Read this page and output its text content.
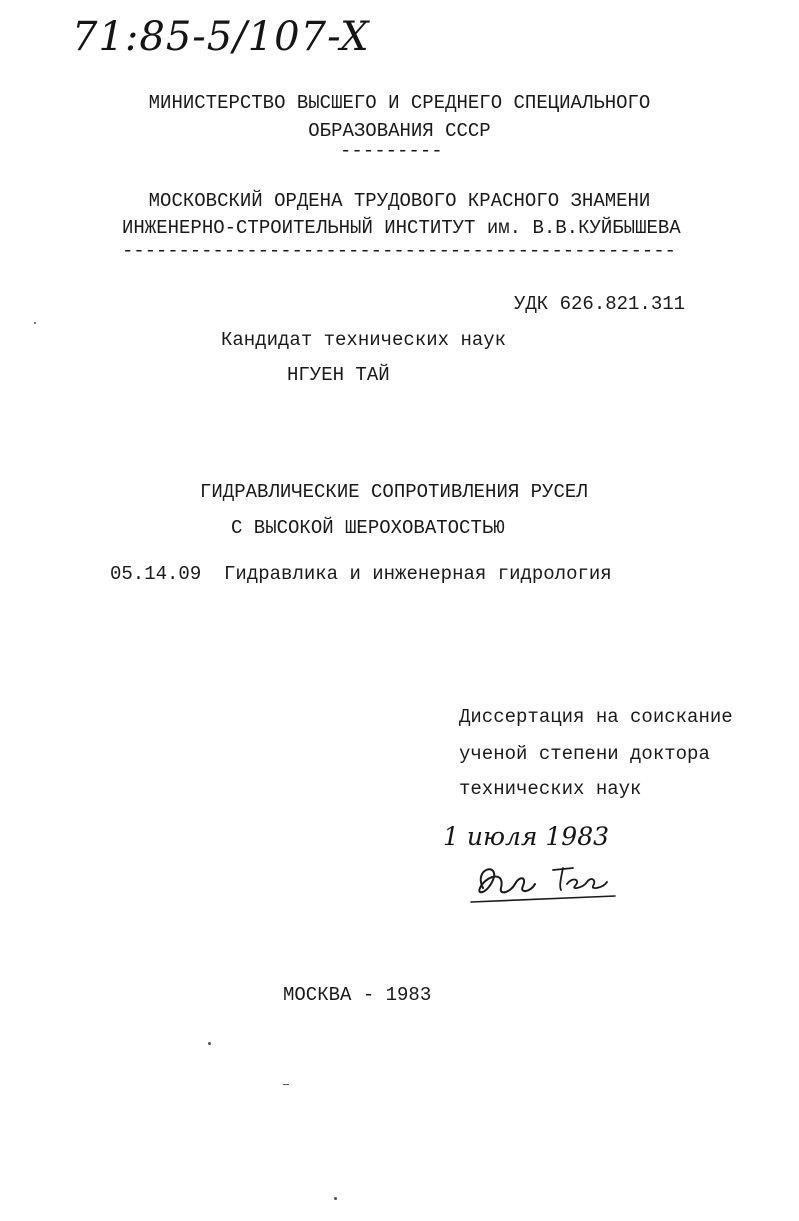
71:85-5/107-X
МИНИСТЕРСТВО ВЫСШЕГО И СРЕДНЕГО СПЕЦИАЛЬНОГО
ОБРАЗОВАНИЯ СССР
---------
МОСКОВСКИЙ ОРДЕНА ТРУДОВОГО КРАСНОГО ЗНАМЕНИ
ИНЖЕНЕРНО-СТРОИТЕЛЬНЫЙ ИНСТИТУТ им. В.В.КУЙБЫШЕВА
-------------------------------------------------
УДК 626.821.311
Кандидат технических наук
НГУЕН ТАЙ
ГИДРАВЛИЧЕСКИЕ СОПРОТИВЛЕНИЯ РУСЕЛ
С ВЫСОКОЙ ШЕРОХОВАТОСТЬЮ
05.14.09 Гидравлика и инженерная гидрология
Диссертация на соискание
ученой степени доктора
технических наук
1 июля 1983
МОСКВА - 1983
